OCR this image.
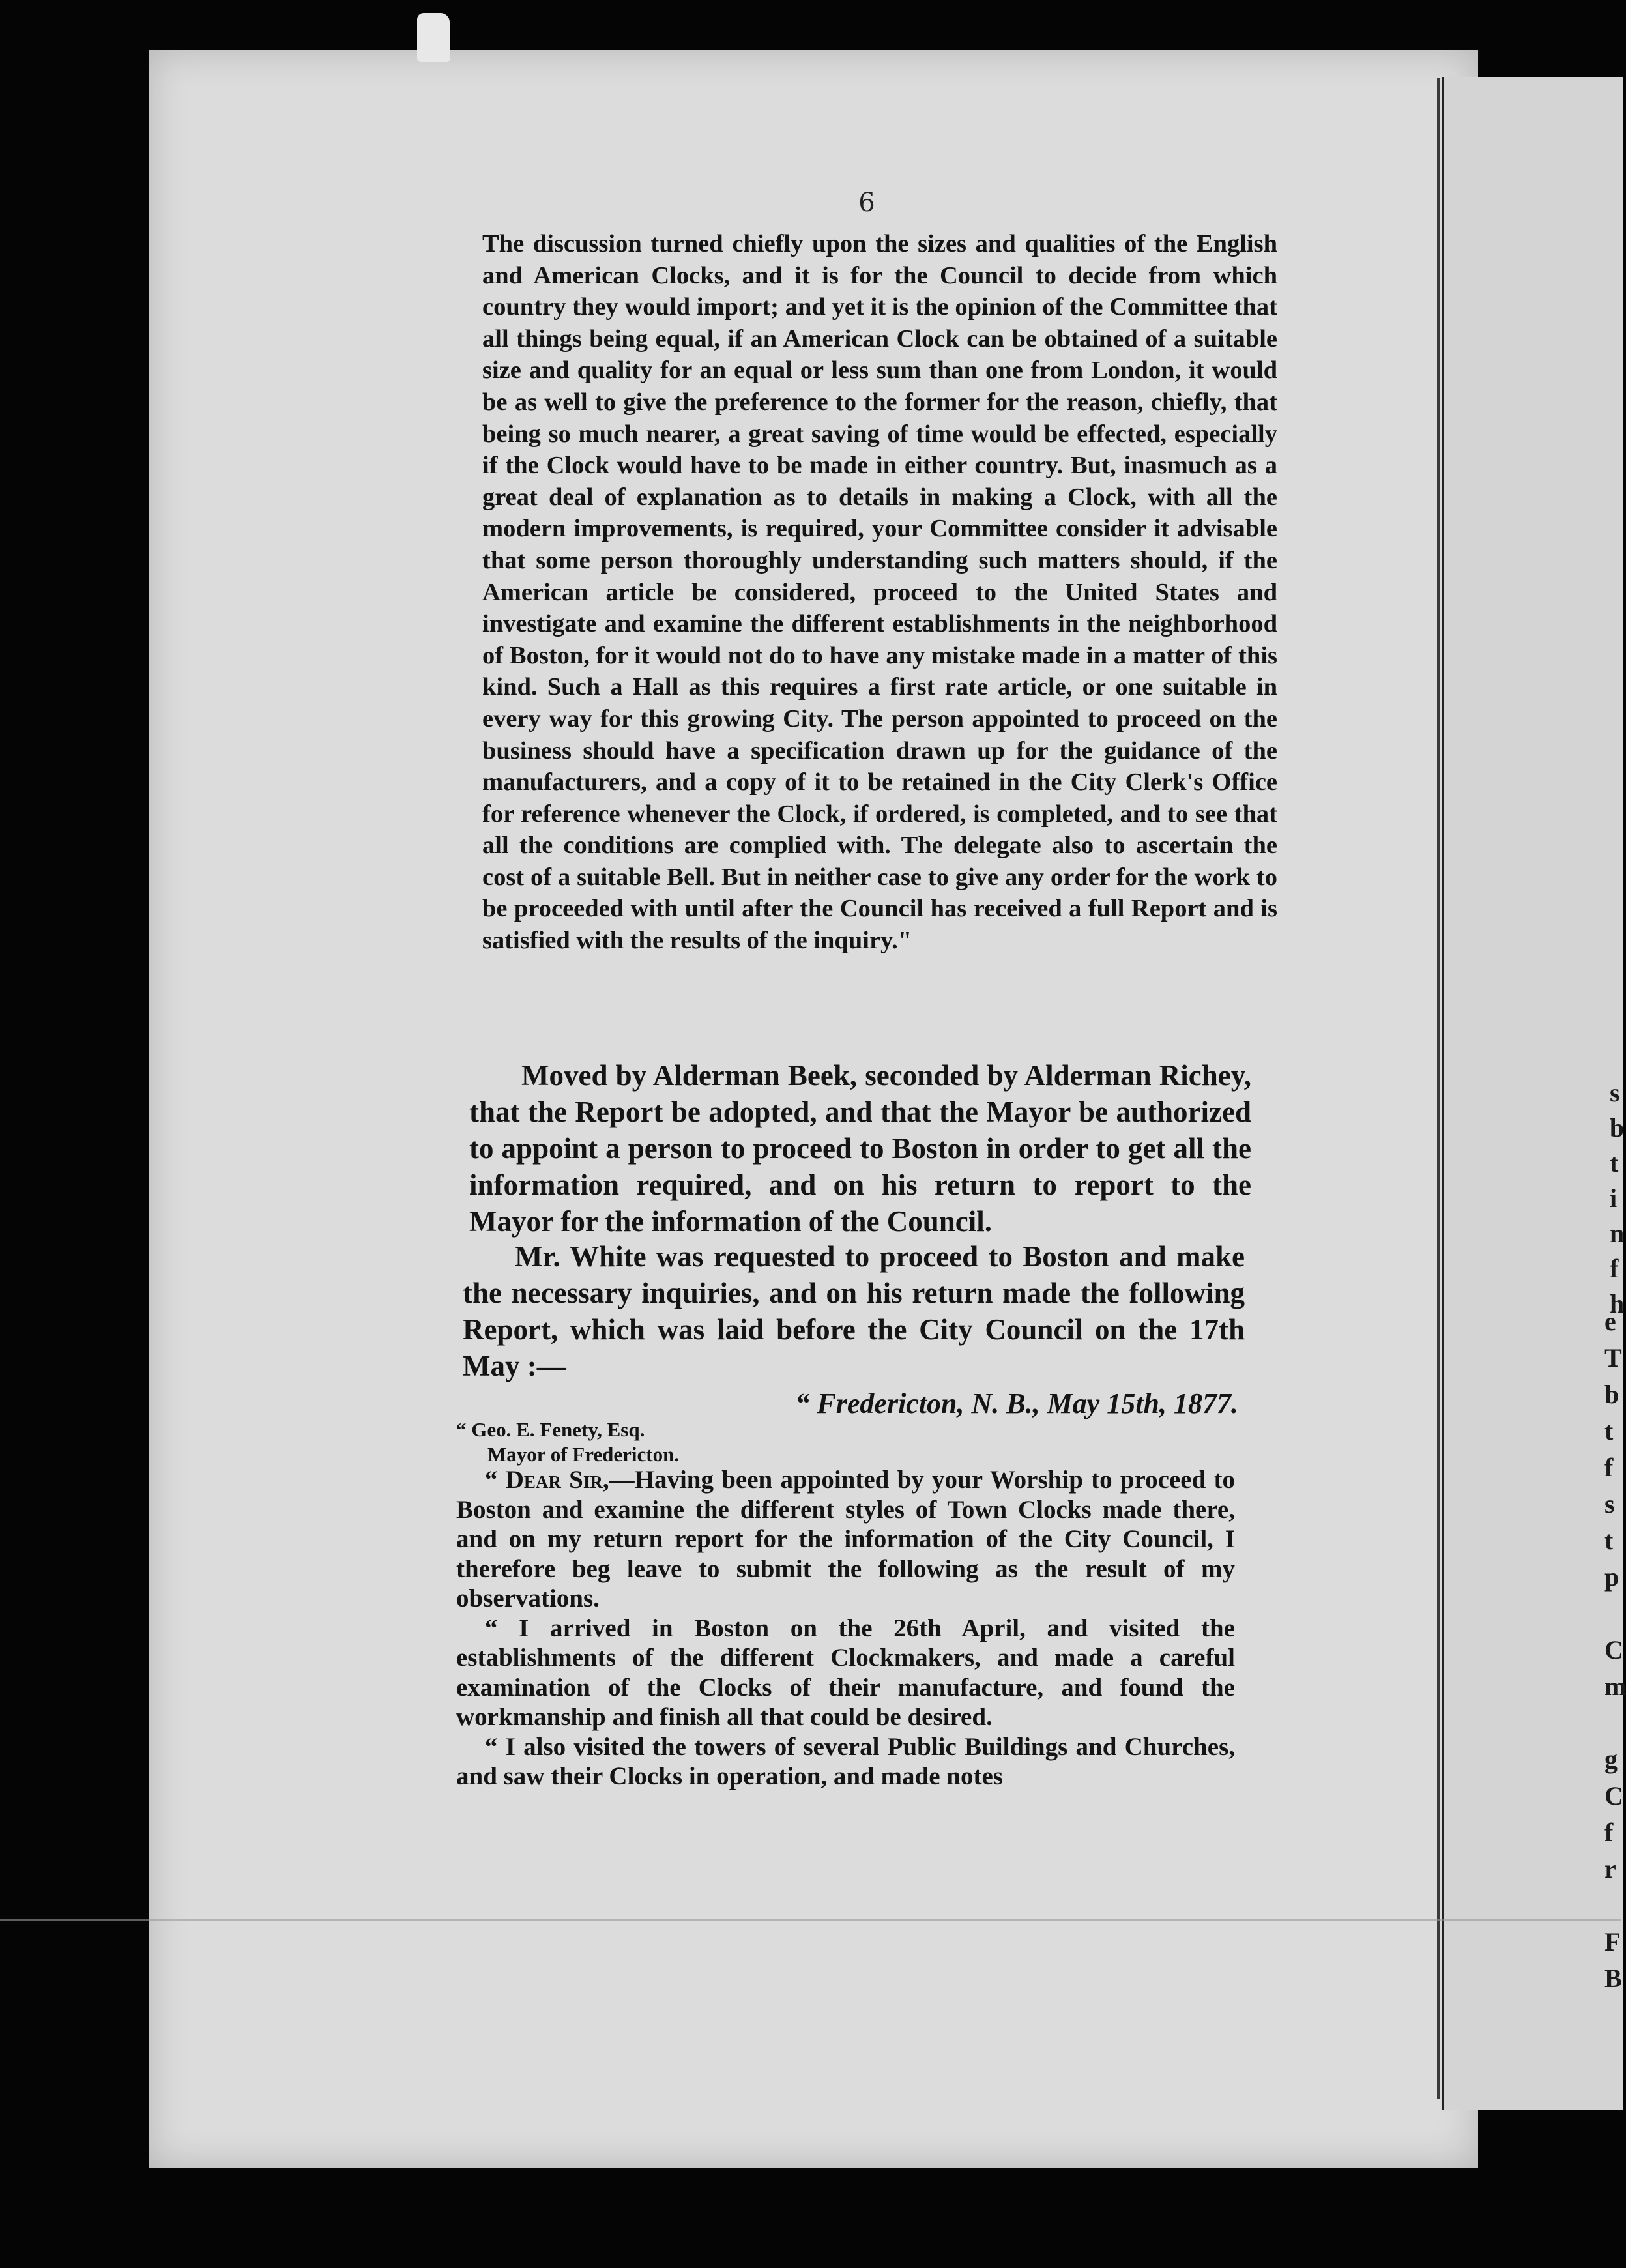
6
The discussion turned chiefly upon the sizes and qualities of the English and American Clocks, and it is for the Council to decide from which country they would import; and yet it is the opinion of the Committee that all things being equal, if an American Clock can be obtained of a suitable size and quality for an equal or less sum than one from London, it would be as well to give the preference to the former for the reason, chiefly, that being so much nearer, a great saving of time would be effected, especially if the Clock would have to be made in either country. But, inasmuch as a great deal of explanation as to details in making a Clock, with all the modern improvements, is required, your Committee consider it advisable that some person thoroughly understanding such matters should, if the American article be considered, proceed to the United States and investigate and examine the different establishments in the neighborhood of Boston, for it would not do to have any mistake made in a matter of this kind. Such a Hall as this requires a first rate article, or one suitable in every way for this growing City. The person appointed to proceed on the business should have a specification drawn up for the guidance of the manufacturers, and a copy of it to be retained in the City Clerk's Office for reference whenever the Clock, if ordered, is completed, and to see that all the conditions are complied with. The delegate also to ascertain the cost of a suitable Bell. But in neither case to give any order for the work to be proceeded with until after the Council has received a full Report and is satisfied with the results of the inquiry."

Moved by Alderman Beek, seconded by Alderman Richey, that the Report be adopted, and that the Mayor be authorized to appoint a person to proceed to Boston in order to get all the information required, and on his return to report to the Mayor for the information of the Council.

Mr. White was requested to proceed to Boston and make the necessary inquiries, and on his return made the following Report, which was laid before the City Council on the 17th May :—

“ Fredericton, N. B., May 15th, 1877.
“ Geo. E. Fenety, Esq.
Mayor of Fredericton.

“ Dear Sir,—Having been appointed by your Worship to proceed to Boston and examine the different styles of Town Clocks made there, and on my return report for the information of the City Council, I therefore beg leave to submit the following as the result of my observations.

“ I arrived in Boston on the 26th April, and visited the establishments of the different Clockmakers, and made a careful examination of the Clocks of their manufacture, and found the workmanship and finish all that could be desired.

“ I also visited the towers of several Public Buildings and Churches, and saw their Clocks in operation, and made notes

s
b
t
i
n
f
h
e
T
b
t
f
s
t
p
C
m
g
C
f
r
F
B
